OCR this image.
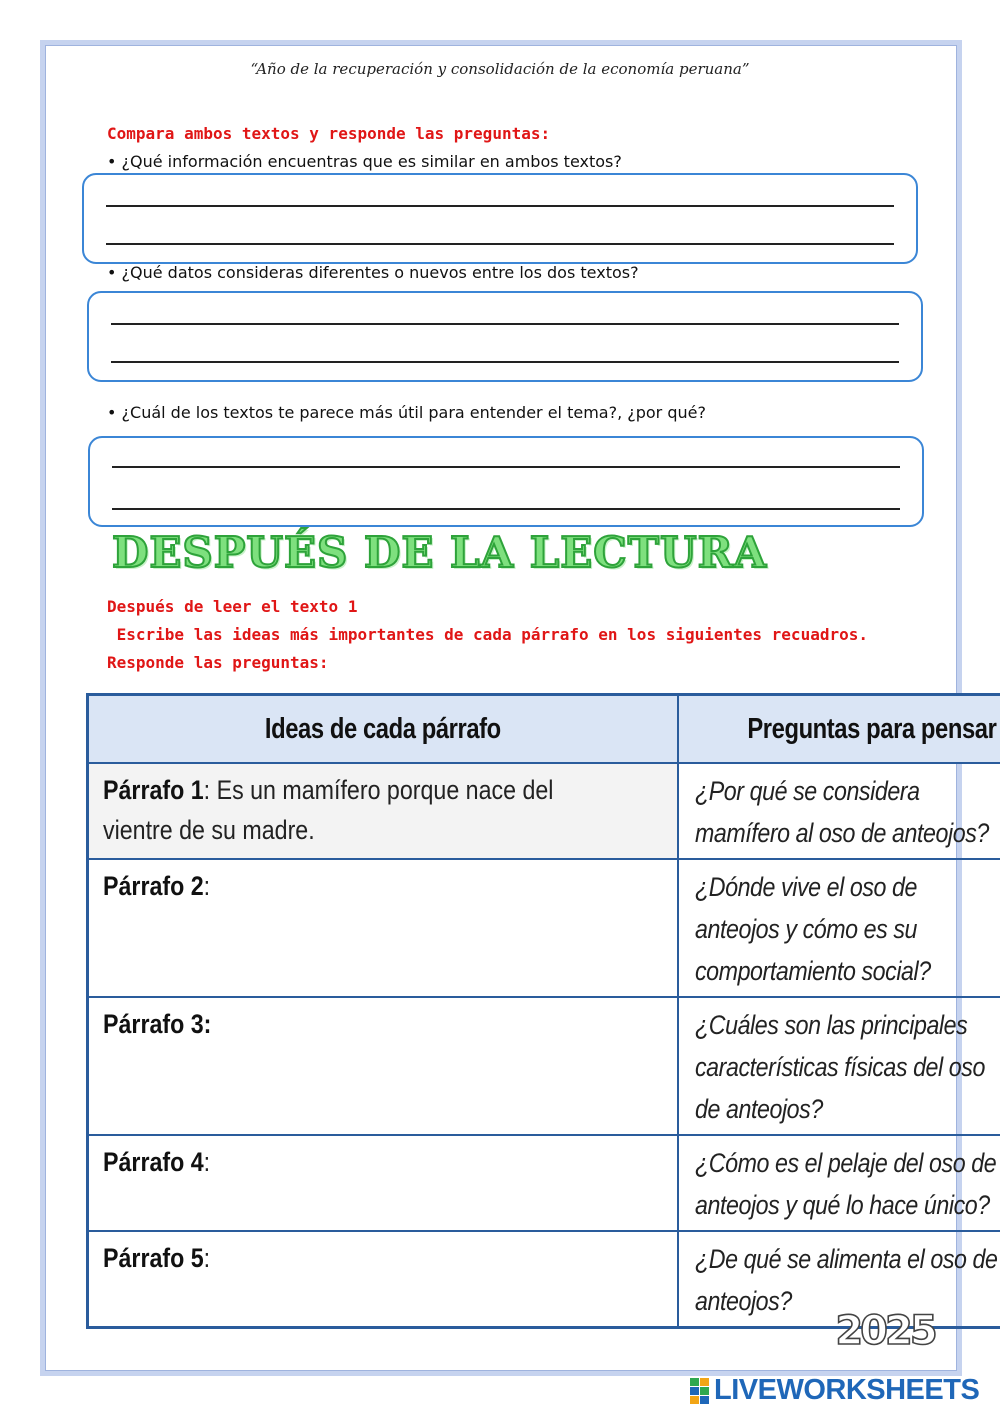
“Año de la recuperación y consolidación de la economía peruana”
Compara ambos textos y responde las preguntas:
• ¿Qué información encuentras que es similar en ambos textos?
• ¿Qué datos consideras diferentes o nuevos entre los dos textos?
• ¿Cuál de los textos te parece más útil para entender el tema?, ¿por qué?
DESPUÉS DE LA LECTURA
Después de leer el texto 1
Escribe las ideas más importantes de cada párrafo en los siguientes recuadros.
Responde las preguntas:
Ideas de cada párrafo	Preguntas para pensar

Párrafo 1: Es un mamífero porque nace del vientre de su madre.	¿Por qué se considera mamífero al oso de anteojos?

Párrafo 2:	¿Dónde vive el oso de anteojos y cómo es su comportamiento social?

Párrafo 3:	¿Cuáles son las principales características físicas del oso de anteojos?

Párrafo 4:	¿Cómo es el pelaje del oso de anteojos y qué lo hace único?

Párrafo 5:	¿De qué se alimenta el oso de anteojos?
2025
LIVEWORKSHEETS
